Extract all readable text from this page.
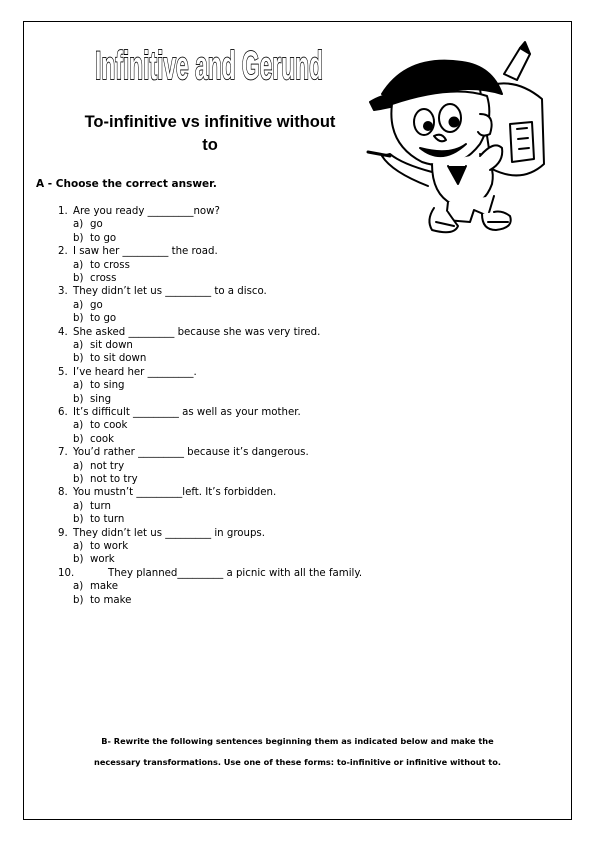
Infinitive and Gerund
To-infinitive vs infinitive without
to
A - Choose the correct answer.
1. Are you ready _________now?
a) go
b) to go
2. I saw her _________ the road.
a) to cross
b) cross
3. They didn’t let us _________ to a disco.
a) go
b) to go
4. She asked _________ because she was very tired.
a) sit down
b) to sit down
5. I’ve heard her _________.
a) to sing
b) sing
6. It’s difficult _________ as well as your mother.
a) to cook
b) cook
7. You’d rather _________ because it’s dangerous.
a) not try
b) not to try
8. You mustn’t _________left. It’s forbidden.
a) turn
b) to turn
9. They didn’t let us _________ in groups.
a) to work
b) work
10.	They planned_________ a picnic with all the family.
a) make
b) to make
B- Rewrite the following sentences beginning them as indicated below and make the
necessary transformations. Use one of these forms: to-infinitive or infinitive without to.
